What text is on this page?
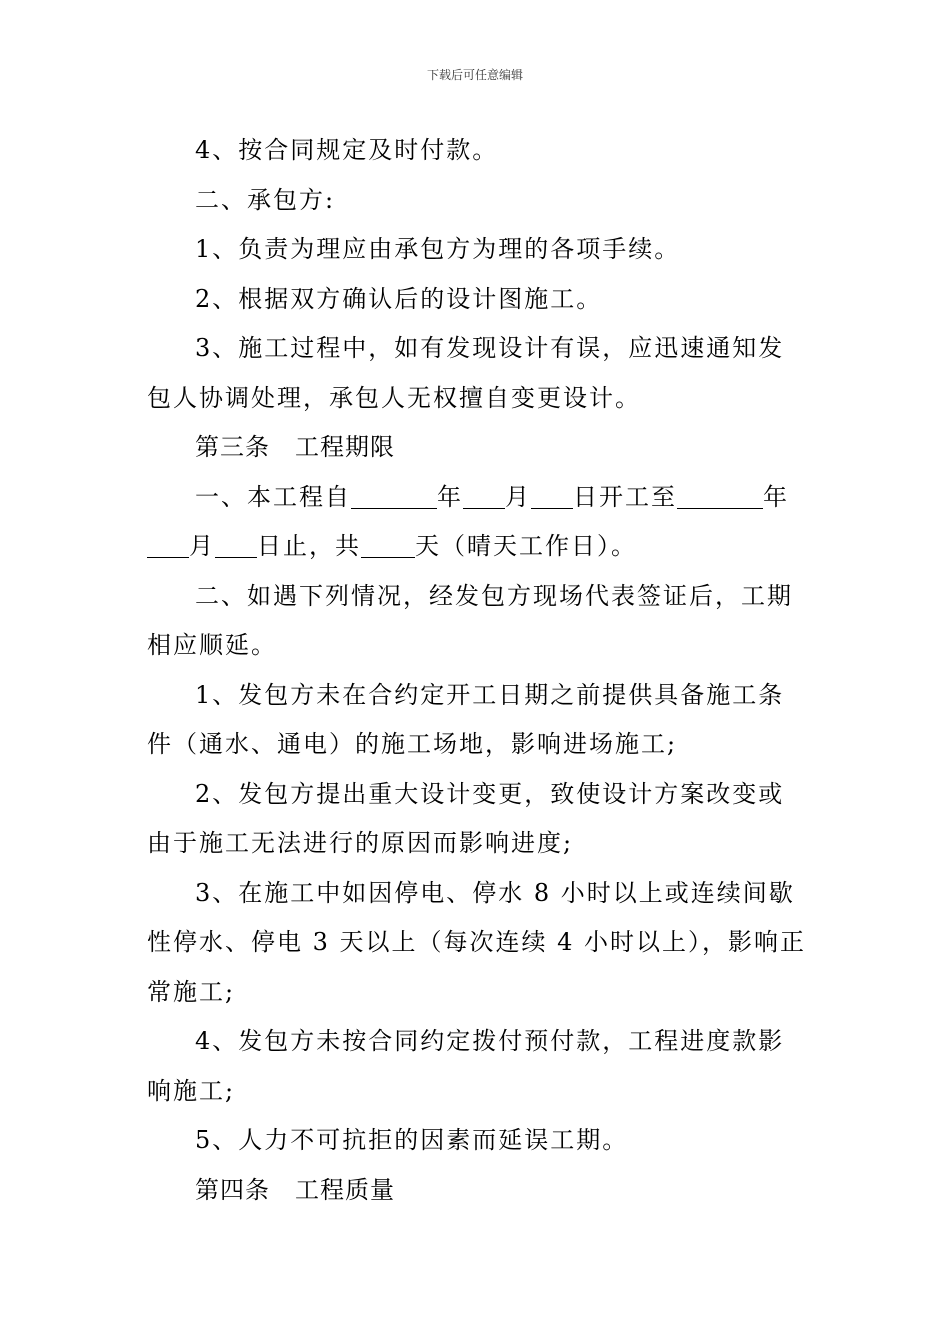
下载后可任意编辑

4、按合同规定及时付款。

二、承包方:

1、负责为理应由承包方为理的各项手续。

2、根据双方确认后的设计图施工。

3、施工过程中，如有发现设计有误，应迅速通知发包人协调处理，承包人无权擅自变更设计。

第三条　工程期限

一、本工程自	年 月 日开工至	年月 日止，共 天（晴天工作日）。

二、如遇下列情况，经发包方现场代表签证后，工期相应顺延。

1、发包方未在合约定开工日期之前提供具备施工条件（通水、通电）的施工场地，影响进场施工;

2、发包方提出重大设计变更，致使设计方案改变或由于施工无法进行的原因而影响进度;

3、在施工中如因停电、停水 8 小时以上或连续间歇性停水、停电 3 天以上（每次连续 4 小时以上），影响正常施工;

4、发包方未按合同约定拨付预付款，工程进度款影响施工;

5、人力不可抗拒的因素而延误工期。

第四条　工程质量
